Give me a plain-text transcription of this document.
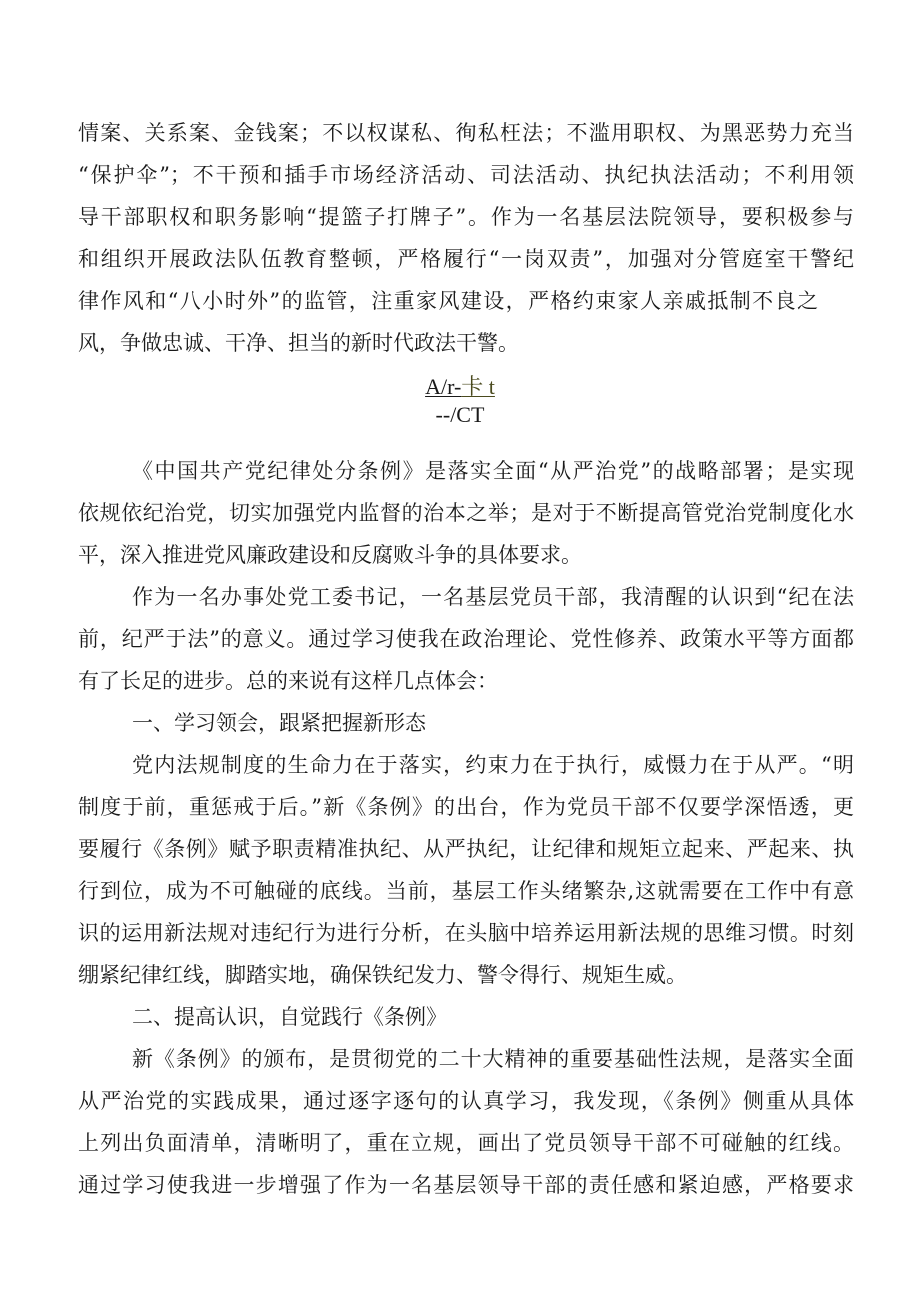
情案、关系案、金钱案；不以权谋私、徇私枉法；不滥用职权、为黑恶势力充当
“保护伞”；不干预和插手市场经济活动、司法活动、执纪执法活动；不利用领
导干部职权和职务影响“提篮子打牌子”。作为一名基层法院领导，要积极参与
和组织开展政法队伍教育整顿，严格履行“一岗双责”，加强对分管庭室干警纪
律作风和“八小时外”的监管，注重家风建设，严格约束家人亲戚抵制不良之
风，争做忠诚、干净、担当的新时代政法干警。
A/r-卡 t
--/CT
《中国共产党纪律处分条例》是落实全面“从严治党”的战略部署；是实现
依规依纪治党，切实加强党内监督的治本之举；是对于不断提高管党治党制度化水
平，深入推进党风廉政建设和反腐败斗争的具体要求。
作为一名办事处党工委书记，一名基层党员干部，我清醒的认识到“纪在法
前，纪严于法”的意义。通过学习使我在政治理论、党性修养、政策水平等方面都
有了长足的进步。总的来说有这样几点体会：
一、学习领会，跟紧把握新形态
党内法规制度的生命力在于落实，约束力在于执行，威慑力在于从严。“明
制度于前，重惩戒于后。”新《条例》的出台，作为党员干部不仅要学深悟透，更
要履行《条例》赋予职责精准执纪、从严执纪，让纪律和规矩立起来、严起来、执
行到位，成为不可触碰的底线。当前，基层工作头绪繁杂,这就需要在工作中有意
识的运用新法规对违纪行为进行分析，在头脑中培养运用新法规的思维习惯。时刻
绷紧纪律红线，脚踏实地，确保铁纪发力、警令得行、规矩生威。
二、提高认识，自觉践行《条例》
新《条例》的颁布，是贯彻党的二十大精神的重要基础性法规，是落实全面
从严治党的实践成果，通过逐字逐句的认真学习，我发现，《条例》侧重从具体
上列出负面清单，清晰明了，重在立规，画出了党员领导干部不可碰触的红线。
通过学习使我进一步增强了作为一名基层领导干部的责任感和紧迫感，严格要求
